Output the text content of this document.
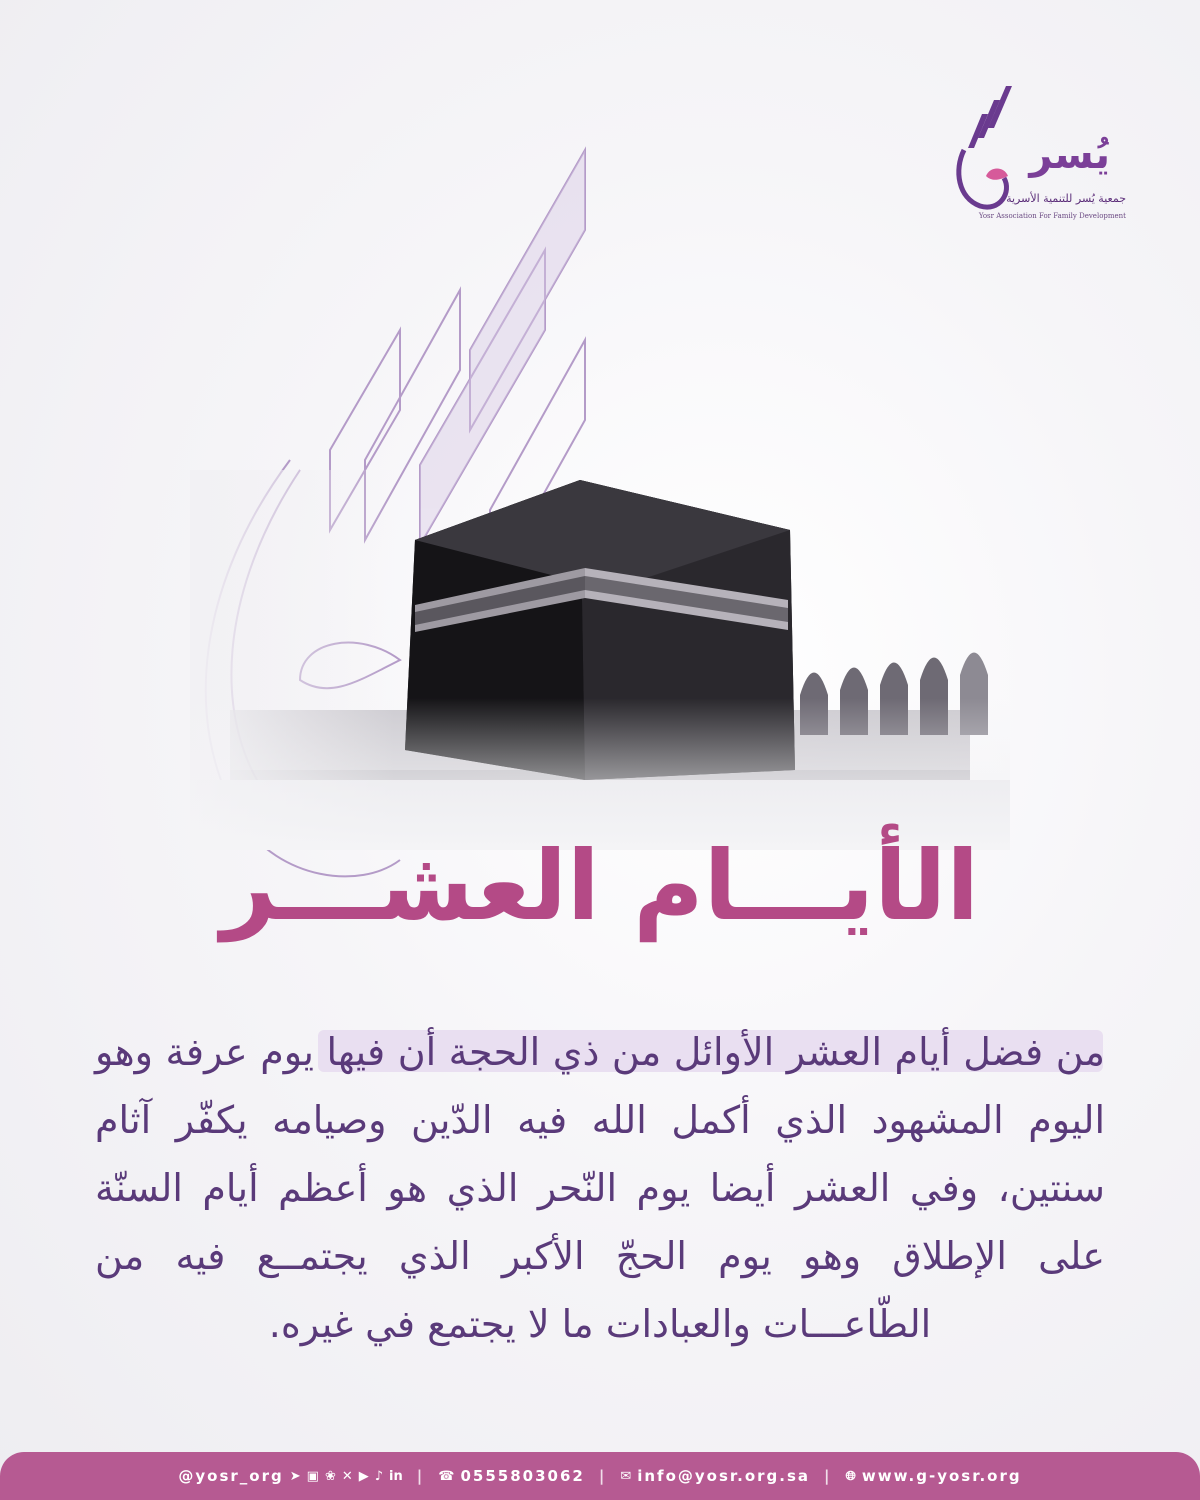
يُسر
جمعية يُسر للتنمية الأسرية
Yosr Association For Family Development
الأيـــام العشـــر
من فضل أيام العشر الأوائل من ذي الحجة أن فيها يوم عرفة وهو اليوم المشهود الذي أكمل الله فيه الدّين وصيامه يكفّر آثام سنتين، وفي العشر أيضا يوم النّحر الذي هو أعظم أيام السنّة على الإطلاق وهو يوم الحجّ الأكبر الذي يجتمــع فيه من الطّاعـــات والعبادات ما لا يجتمع في غيره.
🌐︎ www.g-yosr.org
|
✉ info@yosr.org.sa
|
☎ 0555803062
|
@yosr_org ➤ ▣ ❀ ✕ ▶ ♪ in
